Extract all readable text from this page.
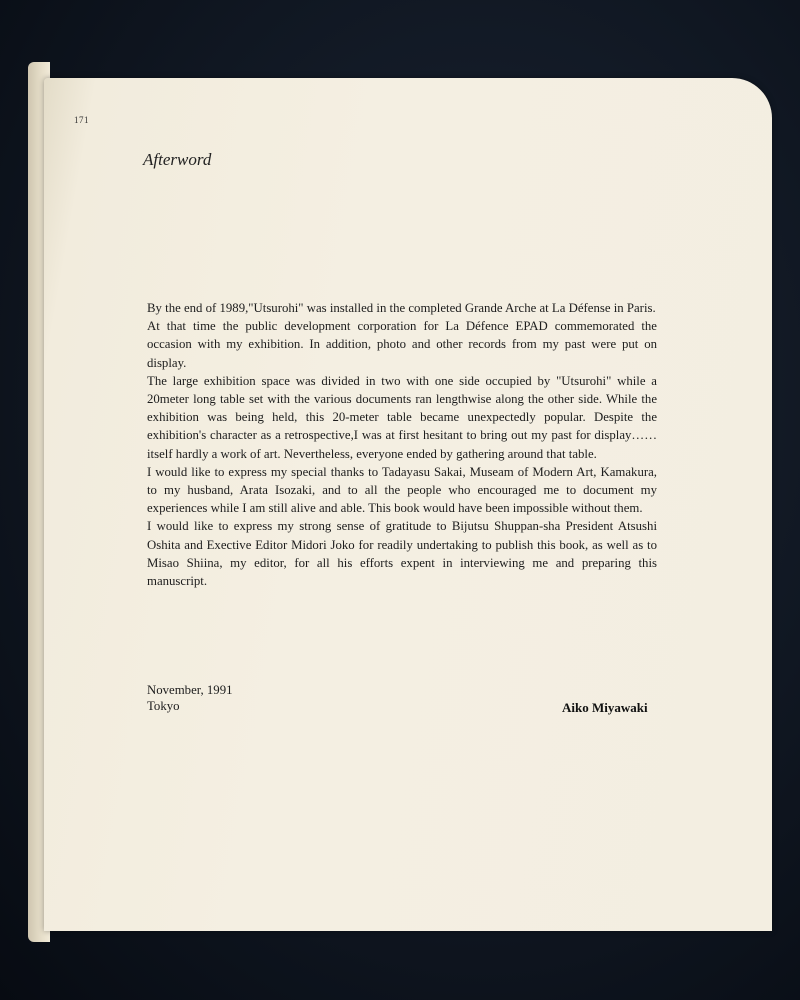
171
Afterword

By the end of 1989,"Utsurohi" was installed in the completed Grande Arche at La Défense in Paris.

At that time the public development corporation for La Défence EPAD commemorated the occasion with my exhibition. In addition, photo and other records from my past were put on display.

The large exhibition space was divided in two with one side occupied by "Utsurohi" while a 20meter long table set with the various documents ran lengthwise along the other side. While the exhibition was being held, this 20-meter table became unexpectedly popular. Despite the exhibition's character as a retrospective,I was at first hesitant to bring out my past for display……itself hardly a work of art. Nevertheless, everyone ended by gathering around that table.

I would like to express my special thanks to Tadayasu Sakai, Museam of Modern Art, Kamakura, to my husband, Arata Isozaki, and to all the people who encouraged me to document my experiences while I am still alive and able. This book would have been impossible without them.

I would like to express my strong sense of gratitude to Bijutsu Shuppan-sha President Atsushi Oshita and Exective Editor Midori Joko for readily undertaking to publish this book, as well as to Misao Shiina, my editor, for all his efforts expent in interviewing me and preparing this manuscript.

November, 1991
Tokyo	Aiko Miyawaki
